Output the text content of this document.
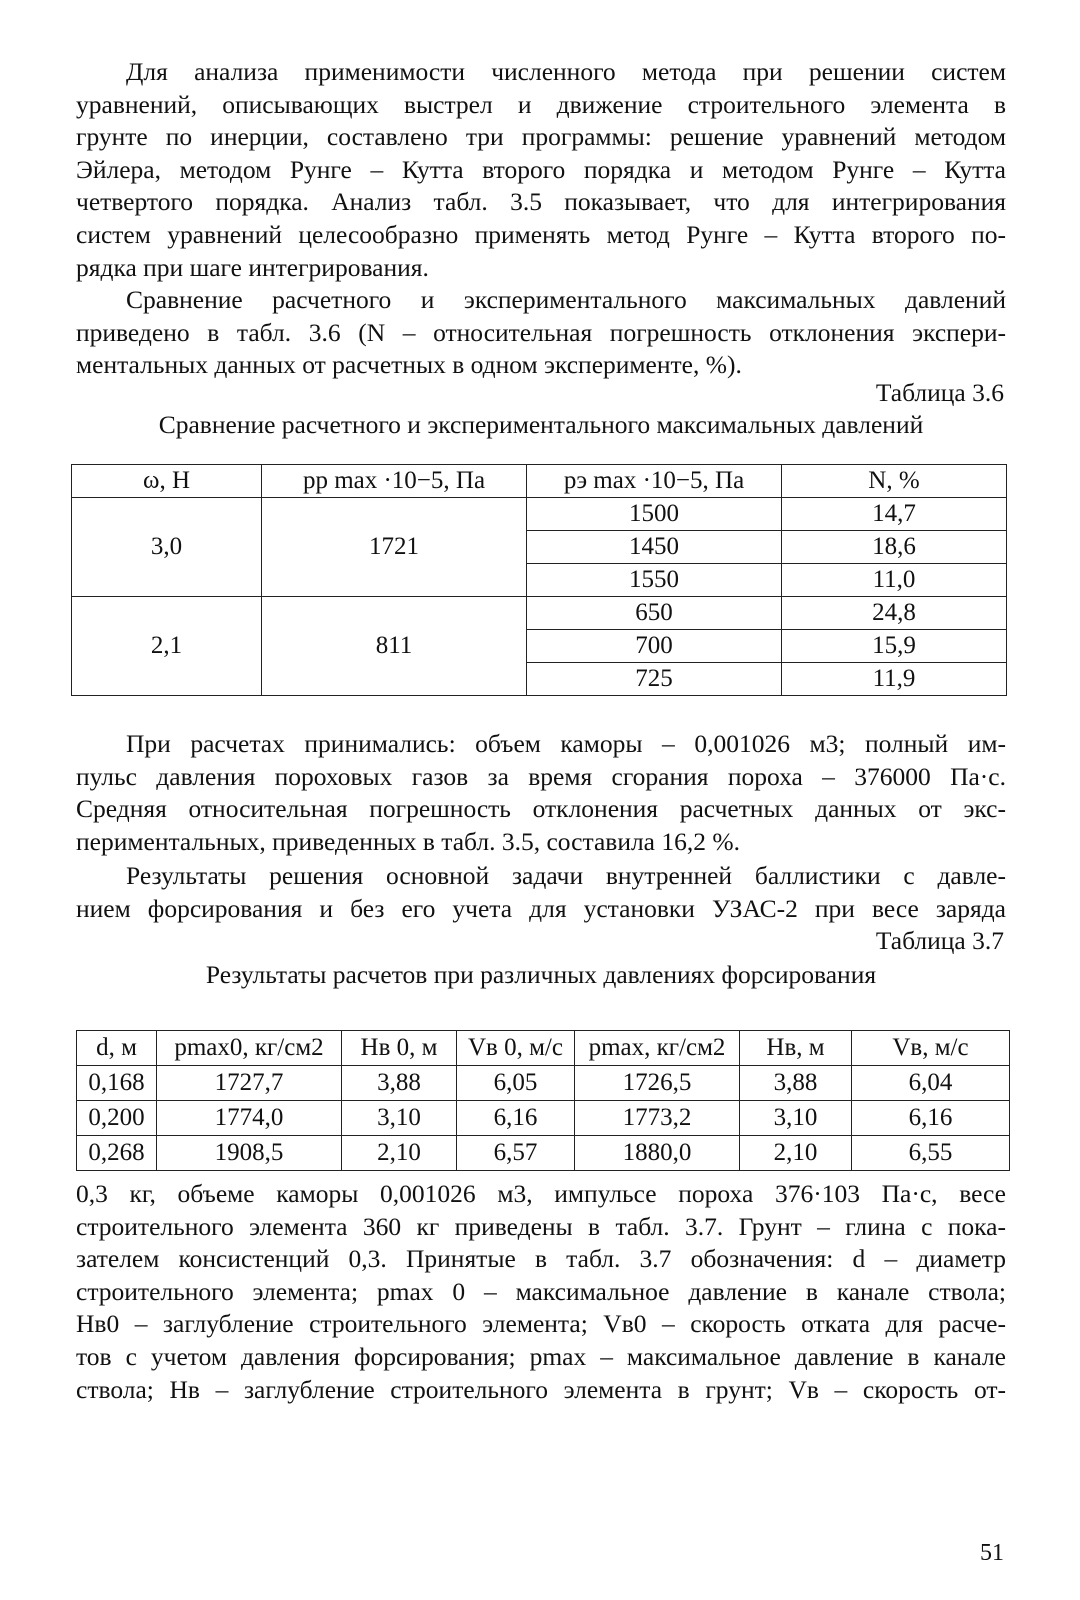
Для анализа применимости численного метода при решении систем
уравнений, описывающих выстрел и движение строительного элемента в
грунте по инерции, составлено три программы: решение уравнений методом
Эйлера, методом Рунге – Кутта второго порядка и методом Рунге – Кутта
четвертого порядка. Анализ табл. 3.5 показывает, что для интегрирования
систем уравнений целесообразно применять метод Рунге – Кутта второго по-
рядка при шаге интегрирования.
Сравнение расчетного и экспериментального максимальных давлений
приведено в табл. 3.6 (N – относительная погрешность отклонения экспери-
ментальных данных от расчетных в одном эксперименте, %).
Таблица 3.6
Сравнение расчетного и экспериментального максимальных давлений
ω, Н	pp max ·10−5, Па	pэ max ·10−5, Па	N, %
3,0	1721	1500	14,7
		1450	18,6
		1550	11,0
2,1	811	650	24,8
		700	15,9
		725	11,9
При расчетах принимались: объем каморы – 0,001026 м3; полный им-
пульс давления пороховых газов за время сгорания пороха – 376000 Па·с.
Средняя относительная погрешность отклонения расчетных данных от экс-
периментальных, приведенных в табл. 3.5, составила 16,2 %.
Результаты решения основной задачи внутренней баллистики с давле-
нием форсирования и без его учета для установки УЗАС-2 при весе заряда
Таблица 3.7
Результаты расчетов при различных давлениях форсирования
d, м	pmax0, кг/см2	Hв 0, м	Vв 0, м/с	pmax, кг/см2	Hв, м	Vв, м/с
0,168	1727,7	3,88	6,05	1726,5	3,88	6,04
0,200	1774,0	3,10	6,16	1773,2	3,10	6,16
0,268	1908,5	2,10	6,57	1880,0	2,10	6,55
0,3 кг, объеме каморы 0,001026 м3, импульсе пороха 376·103 Па·с, весе
строительного элемента 360 кг приведены в табл. 3.7. Грунт – глина с пока-
зателем консистенций 0,3. Принятые в табл. 3.7 обозначения: d – диаметр
строительного элемента; pmax 0 – максимальное давление в канале ствола;
Hв0 – заглубление строительного элемента; Vв0 – скорость отката для расче-
тов с учетом давления форсирования; pmax – максимальное давление в канале
ствола; Hв – заглубление строительного элемента в грунт; Vв – скорость от-
51
